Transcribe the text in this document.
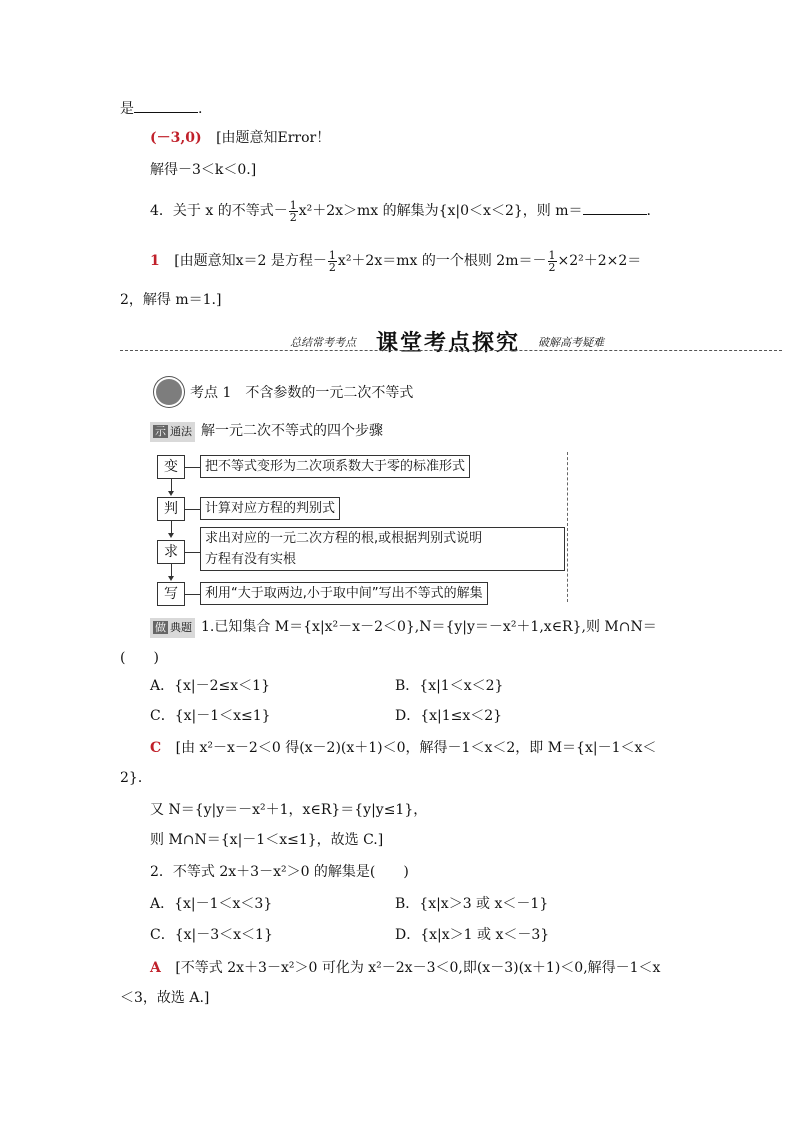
是	.
(－3,0) [由题意知Error！
解得－3＜k＜0.]
4．关于 x 的不等式－ $\frac{1}{2} x^2+2x>mx$ 的解集为{x|0＜x＜2}，则 m＝	.
1 [由题意知x＝2 是方程－ $\frac{1}{2} x^2+2x=mx$ 的一个根则 $2m=- \frac{1}{2} \times 2^2+2\times 2=$
2，解得 m＝1.]
总结常考考点 课堂考点探究 破解高考疑难
考点 1　不含参数的一元二次不等式
示 通法 解一元二次不等式的四个步骤
变	把不等式变形为二次项系数大于零的标准形式
判	计算对应方程的判别式
求
求出对应的一元二次方程的根,或根据判别式说明
方程有没有实根
写	利用“大于取两边,小于取中间”写出不等式的解集
做 典题 1.已知集合 M＝{x|x²－x－2＜0},N＝{y|y＝－x²＋1,x∈R},则 M∩N＝
(　　)
A．{x|－2≤x＜1}	B．{x|1＜x＜2}
C．{x|－1＜x≤1}	D．{x|1≤x＜2}
C [由 x²－x－2＜0 得(x－2)(x＋1)＜0，解得－1＜x＜2，即 M＝{x|－1＜x＜
2}．
又 N＝{y|y＝－x²＋1，x∈R}＝{y|y≤1}，
则 M∩N＝{x|－1＜x≤1}，故选 C.]
2．不等式 2x＋3－x²＞0 的解集是(　　)
A．{x|－1＜x＜3}	B．{x|x＞3 或 x＜－1}
C．{x|－3＜x＜1}	D．{x|x＞1 或 x＜－3}
A [不等式 2x＋3－x²＞0 可化为 x²－2x－3＜0,即(x－3)(x＋1)＜0,解得－1＜x
＜3，故选 A.]
